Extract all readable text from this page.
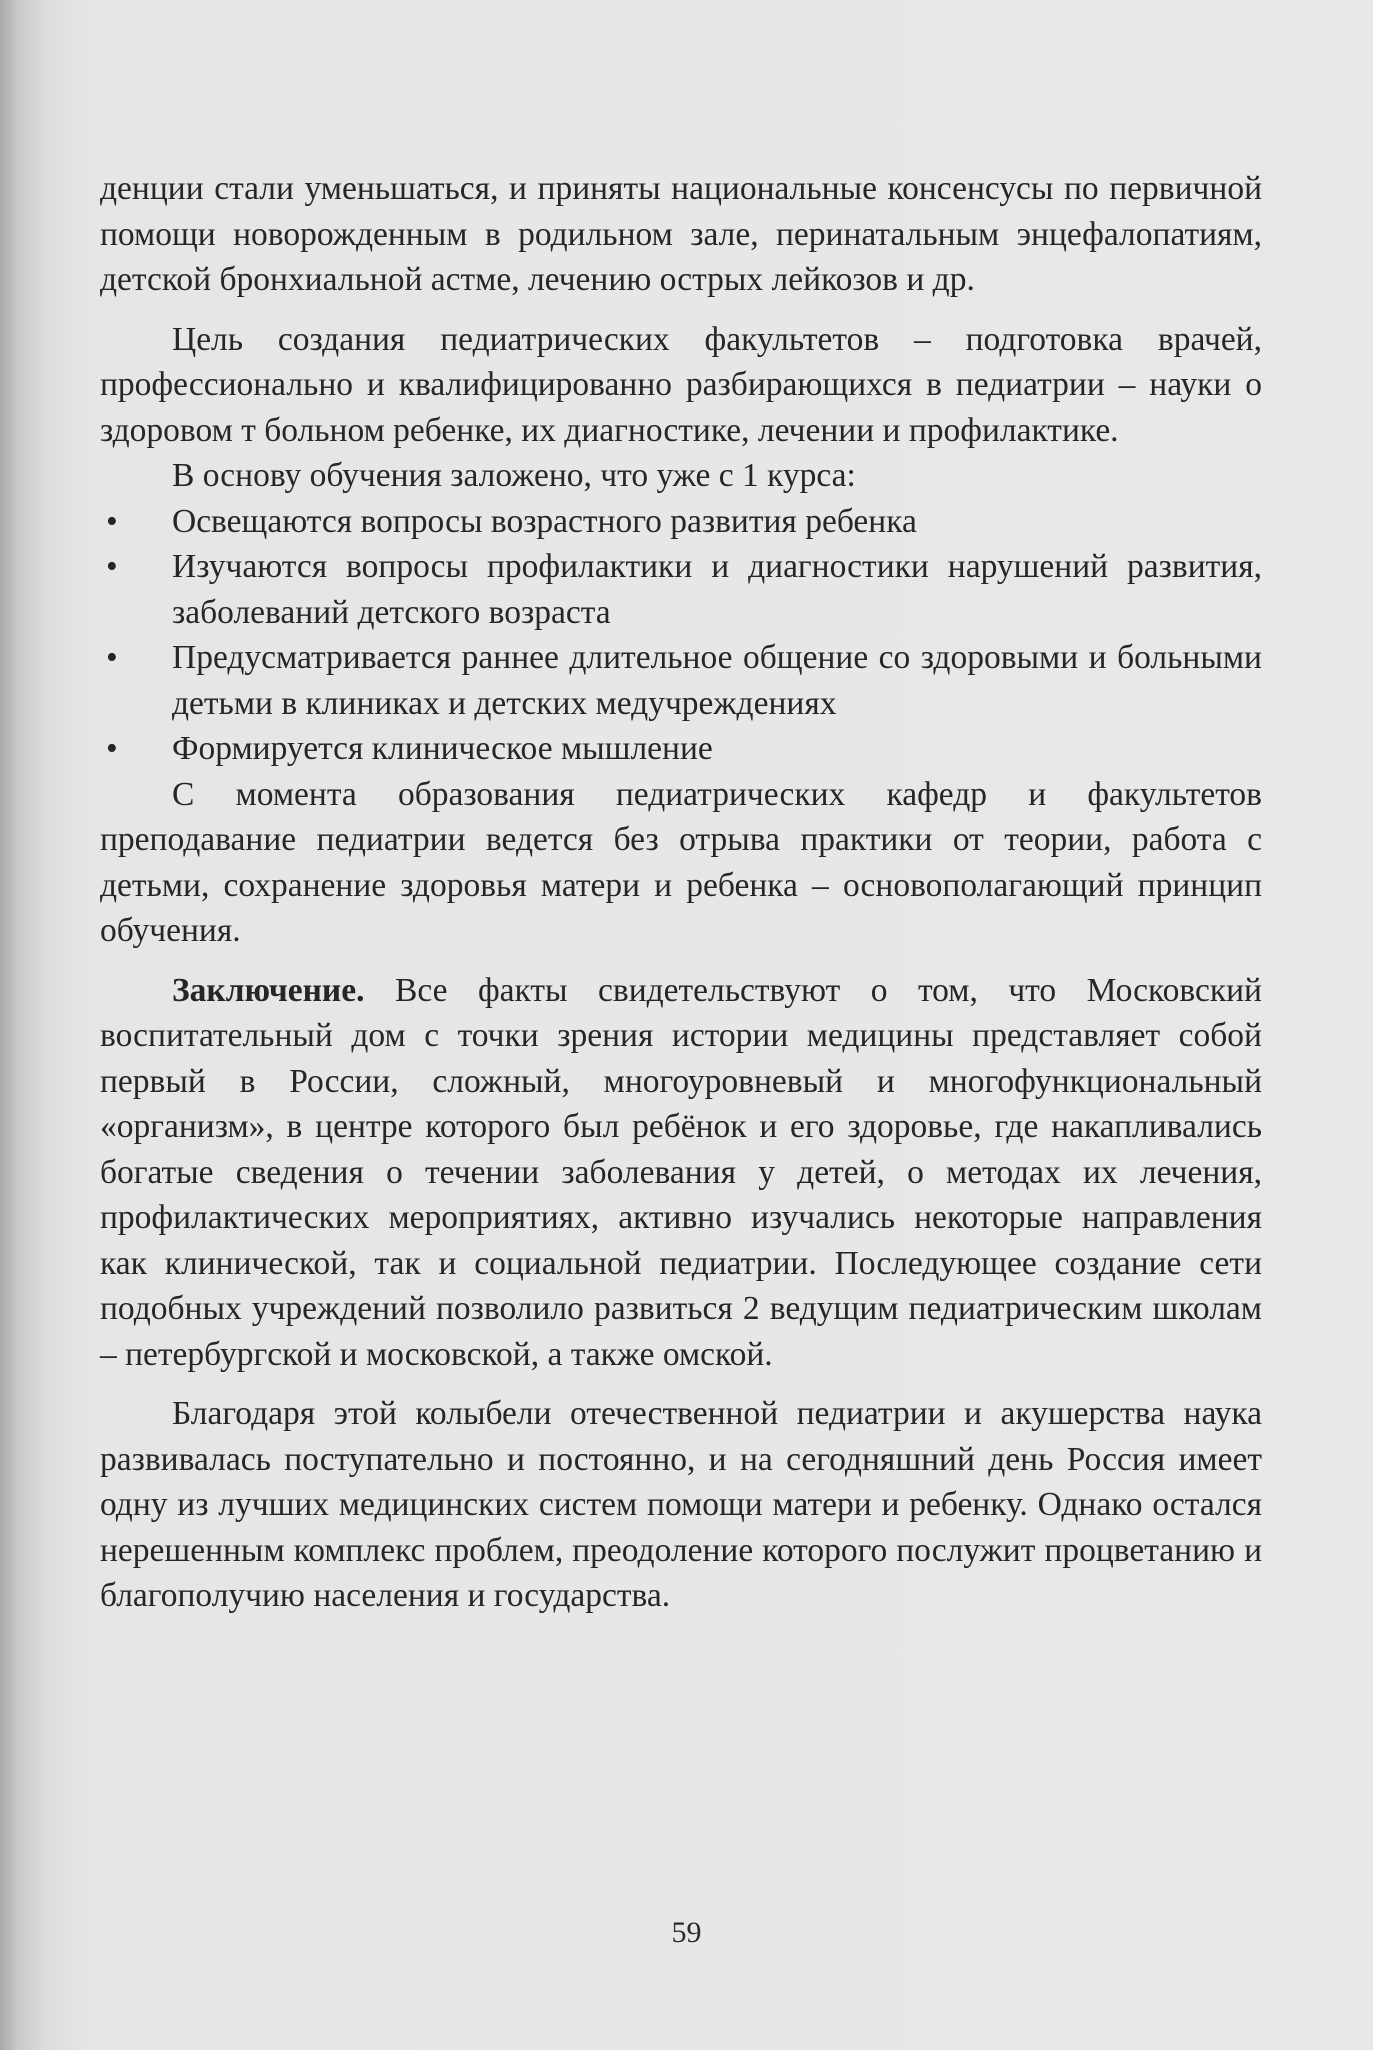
денции стали уменьшаться, и приняты национальные консенсусы по первичной помощи новорожденным в родильном зале, перинатальным энцефалопатиям, детской бронхиальной астме, лечению острых лейкозов и др.

Цель создания педиатрических факультетов – подготовка врачей, профессионально и квалифицированно разбирающихся в педиатрии – науки о здоровом т больном ребенке, их диагностике, лечении и профилактике.

В основу обучения заложено, что уже с 1 курса:

• Освещаются вопросы возрастного развития ребенка

• Изучаются вопросы профилактики и диагностики нарушений развития, заболеваний детского возраста

• Предусматривается раннее длительное общение со здоровыми и больными детьми в клиниках и детских медучреждениях

• Формируется клиническое мышление

С момента образования педиатрических кафедр и факультетов преподавание педиатрии ведется без отрыва практики от теории, работа с детьми, сохранение здоровья матери и ребенка – основополагающий принцип обучения.

Заключение. Все факты свидетельствуют о том, что Московский воспитательный дом с точки зрения истории медицины представляет собой первый в России, сложный, многоуровневый и многофункциональный «организм», в центре которого был ребёнок и его здоровье, где накапливались богатые сведения о течении заболевания у детей, о методах их лечения, профилактических мероприятиях, активно изучались некоторые направления как клинической, так и социальной педиатрии. Последующее создание сети подобных учреждений позволило развиться 2 ведущим педиатрическим школам – петербургской и московской, а также омской.

Благодаря этой колыбели отечественной педиатрии и акушерства наука развивалась поступательно и постоянно, и на сегодняшний день Россия имеет одну из лучших медицинских систем помощи матери и ребенку. Однако остался нерешенным комплекс проблем, преодоление которого послужит процветанию и благополучию населения и государства.

59
